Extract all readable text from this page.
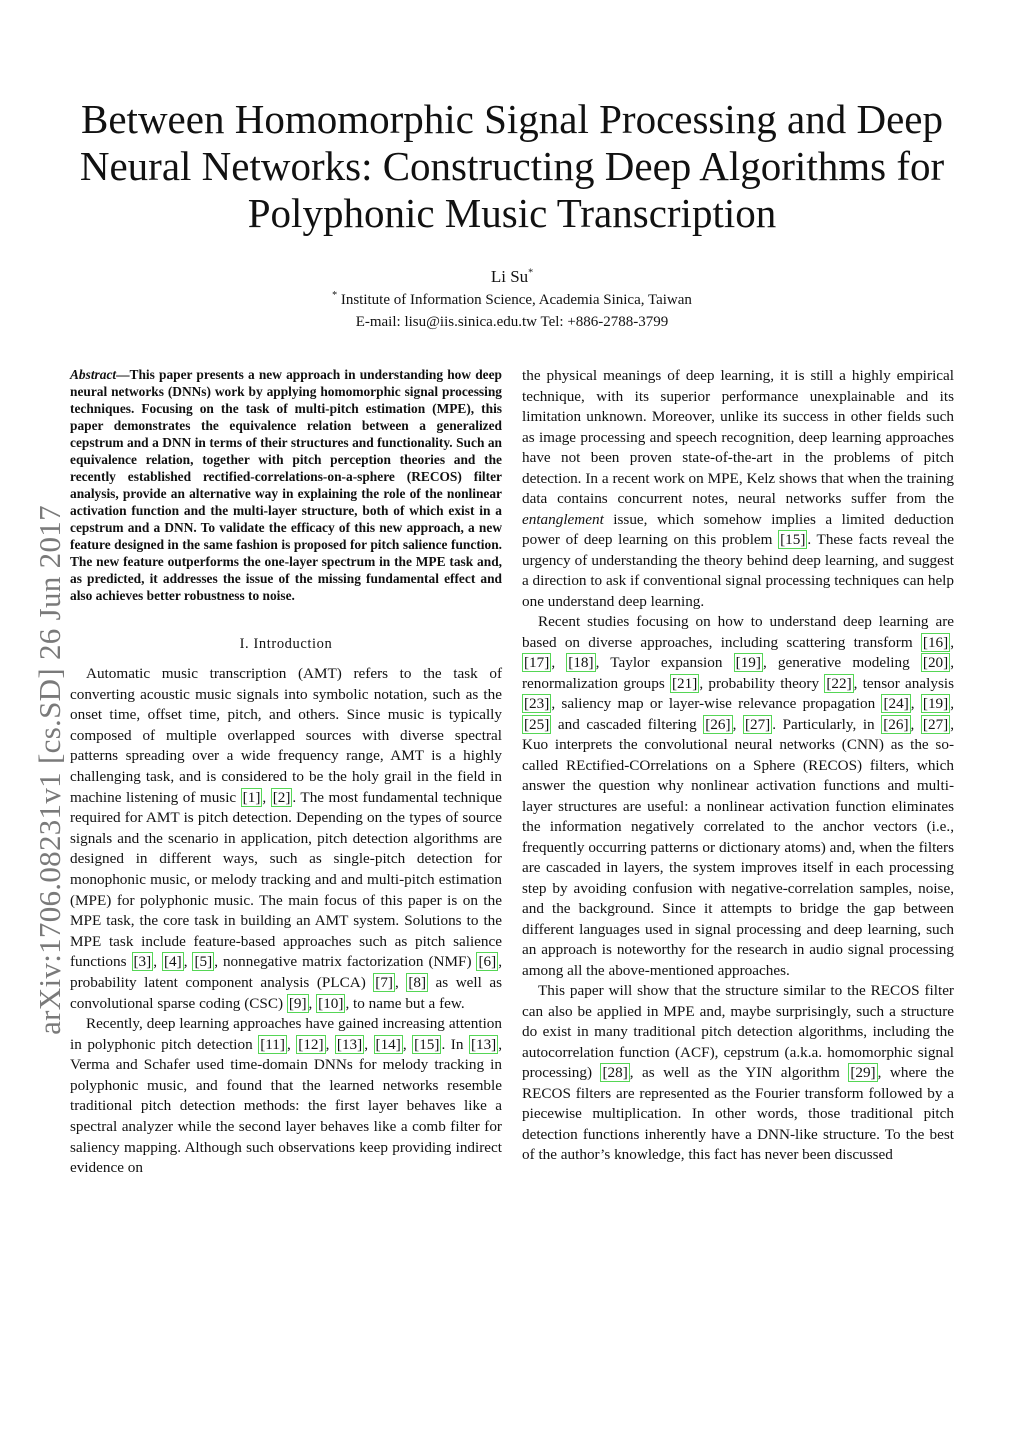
Between Homomorphic Signal Processing and Deep Neural Networks: Constructing Deep Algorithms for Polyphonic Music Transcription
Li Su*
* Institute of Information Science, Academia Sinica, Taiwan
E-mail: lisu@iis.sinica.edu.tw Tel: +886-2788-3799
arXiv:1706.08231v1 [cs.SD] 26 Jun 2017

Abstract—This paper presents a new approach in understanding how deep neural networks (DNNs) work by applying homomorphic signal processing techniques. Focusing on the task of multi-pitch estimation (MPE), this paper demonstrates the equivalence relation between a generalized cepstrum and a DNN in terms of their structures and functionality. Such an equivalence relation, together with pitch perception theories and the recently established rectified-correlations-on-a-sphere (RECOS) filter analysis, provide an alternative way in explaining the role of the nonlinear activation function and the multi-layer structure, both of which exist in a cepstrum and a DNN. To validate the efficacy of this new approach, a new feature designed in the same fashion is proposed for pitch salience function. The new feature outperforms the one-layer spectrum in the MPE task and, as predicted, it addresses the issue of the missing fundamental effect and also achieves better robustness to noise.

I. Introduction

Automatic music transcription (AMT) refers to the task of converting acoustic music signals into symbolic notation, such as the onset time, offset time, pitch, and others. Since music is typically composed of multiple overlapped sources with diverse spectral patterns spreading over a wide frequency range, AMT is a highly challenging task, and is considered to be the holy grail in the field in machine listening of music [1] , [2] . The most fundamental technique required for AMT is pitch detection. Depending on the types of source signals and the scenario in application, pitch detection algorithms are designed in different ways, such as single-pitch detection for monophonic music, or melody tracking and and multi-pitch estimation (MPE) for polyphonic music. The main focus of this paper is on the MPE task, the core task in building an AMT system. Solutions to the MPE task include feature-based approaches such as pitch salience functions [3] , [4] , [5] , nonnegative matrix factorization (NMF) [6] , probability latent component analysis (PLCA) [7] , [8] as well as convolutional sparse coding (CSC) [9] , [10] , to name but a few.

Recently, deep learning approaches have gained increasing attention in polyphonic pitch detection [11] , [12] , [13] , [14] , [15] . In [13] , Verma and Schafer used time-domain DNNs for melody tracking in polyphonic music, and found that the learned networks resemble traditional pitch detection methods: the first layer behaves like a spectral analyzer while the second layer behaves like a comb filter for saliency mapping. Although such observations keep providing indirect evidence on

the physical meanings of deep learning, it is still a highly empirical technique, with its superior performance unexplainable and its limitation unknown. Moreover, unlike its success in other fields such as image processing and speech recognition, deep learning approaches have not been proven state-of-the-art in the problems of pitch detection. In a recent work on MPE, Kelz shows that when the training data contains concurrent notes, neural networks suffer from the entanglement issue, which somehow implies a limited deduction power of deep learning on this problem [15] . These facts reveal the urgency of understanding the theory behind deep learning, and suggest a direction to ask if conventional signal processing techniques can help one understand deep learning.

Recent studies focusing on how to understand deep learning are based on diverse approaches, including scattering transform [16] , [17] , [18] , Taylor expansion [19] , generative modeling [20] , renormalization groups [21] , probability theory [22] , tensor analysis [23] , saliency map or layer-wise relevance propagation [24] , [19] , [25] and cascaded filtering [26] , [27] . Particularly, in [26] , [27] , Kuo interprets the convolutional neural networks (CNN) as the so-called REctified-COrrelations on a Sphere (RECOS) filters, which answer the question why nonlinear activation functions and multi-layer structures are useful: a nonlinear activation function eliminates the information negatively correlated to the anchor vectors (i.e., frequently occurring patterns or dictionary atoms) and, when the filters are cascaded in layers, the system improves itself in each processing step by avoiding confusion with negative-correlation samples, noise, and the background. Since it attempts to bridge the gap between different languages used in signal processing and deep learning, such an approach is noteworthy for the research in audio signal processing among all the above-mentioned approaches.

This paper will show that the structure similar to the RECOS filter can also be applied in MPE and, maybe surprisingly, such a structure do exist in many traditional pitch detection algorithms, including the autocorrelation function (ACF), cepstrum (a.k.a. homomorphic signal processing) [28] , as well as the YIN algorithm [29] , where the RECOS filters are represented as the Fourier transform followed by a piecewise multiplication. In other words, those traditional pitch detection functions inherently have a DNN-like structure. To the best of the author’s knowledge, this fact has never been discussed
